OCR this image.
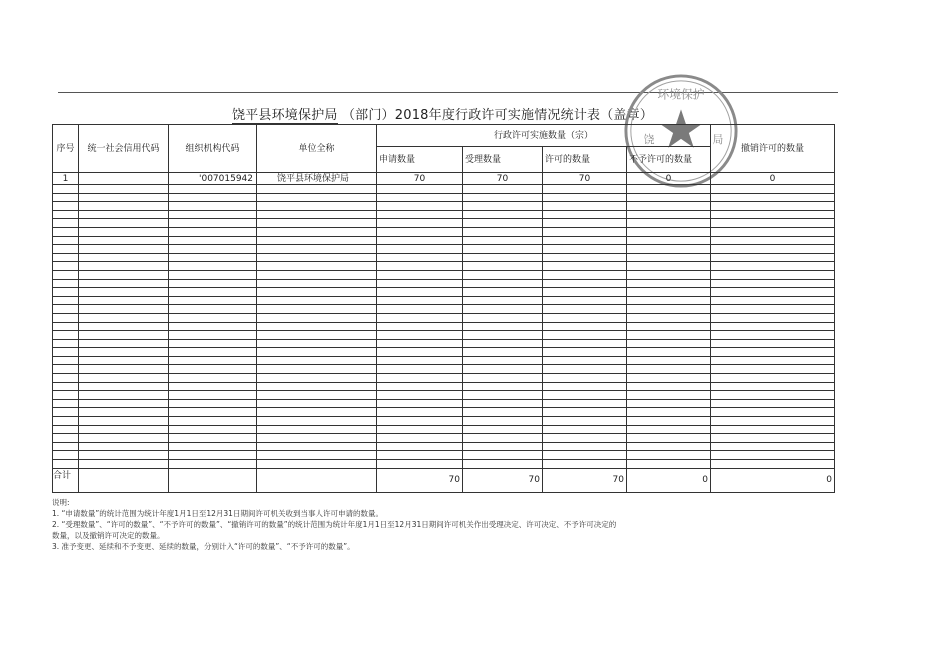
饶平县环境保护局 （部门）2018年度行政许可实施情况统计表（盖章）
环境保护
饶	局
序号	统一社会信用代码	组织机构代码	单位全称	行政许可实施数量（宗）				撤销许可的数量
				申请数量	受理数量	许可的数量	不予许可的数量	
1		'007015942	饶平县环境保护局	70	70	70	0	0

合计				70	70	70	0	0

说明:

1. “申请数量”的统计范围为统计年度1月1日至12月31日期间许可机关收到当事人许可申请的数量。

2. “受理数量”、“许可的数量”、“不予许可的数量”、“撤销许可的数量”的统计范围为统计年度1月1日至12月31日期间许可机关作出受理决定、许可决定、不予许可决定的

数量，以及撤销许可决定的数量。

3. 准予变更、延续和不予变更、延续的数量，分别计入“许可的数量”、“不予许可的数量”。
